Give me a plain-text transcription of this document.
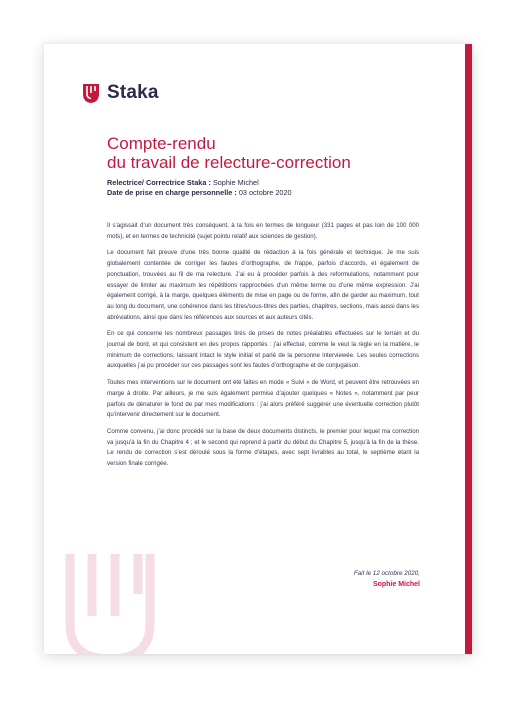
Staka
Compte-rendu
du travail de relecture-correction
Relectrice/ Correctrice Staka : Sophie Michel
Date de prise en charge personnelle : 03 octobre 2020

Il s’agissait d’un document très conséquent, à la fois en termes de longueur (331 pages et pas loin de 100 000 mots), et en termes de technicité (sujet pointu relatif aux sciences de gestion).

Le document fait preuve d’une très bonne qualité de rédaction à la fois générale et technique. Je me suis globalement contentée de corriger les fautes d’orthographe, de frappe, parfois d’accords, et également de ponctuation, trouvées au fil de ma relecture. J’ai eu à procéder parfois à des reformulations, notamment pour essayer de limiter au maximum les répétitions rapprochées d’un même terme ou d’une même expression. J’ai également corrigé, à la marge, quelques éléments de mise en page ou de forme, afin de garder au maximum, tout au long du document, une cohérence dans les titres/sous-titres des parties, chapitres, sections, mais aussi dans les abréviations, ainsi que dans les références aux sources et aux auteurs cités.

En ce qui concerne les nombreux passages tirés de prises de notes préalables effectuées sur le terrain et du journal de bord, et qui consistent en des propos rapportés : j’ai effectué, comme le veut la règle en la matière, le minimum de corrections, laissant intact le style initial et parlé de la personne interviewée. Les seules corrections auxquelles j’ai pu procéder sur ces passages sont les fautes d’orthographe et de conjugaison.

Toutes mes interventions sur le document ont été faites en mode « Suivi » de Word, et peuvent être retrouvées en marge à droite. Par ailleurs, je me suis également permise d’ajouter quelques « Notes », notamment par peur parfois de dénaturer le fond de par mes modifications : j’ai alors préféré suggérer une éventuelle correction plutôt qu’intervenir directement sur le document.

Comme convenu, j’ai donc procédé sur la base de deux documents distincts, le premier pour lequel ma correction va jusqu’à la fin du Chapitre 4 ; et le second qui reprend à partir du début du Chapitre 5, jusqu’à la fin de la thèse. Le rendu de correction s’est déroulé sous la forme d’étapes, avec sept livrables au total, le septième étant la version finale corrigée.

Fait le 12 octobre 2020,
Sophie Michel
